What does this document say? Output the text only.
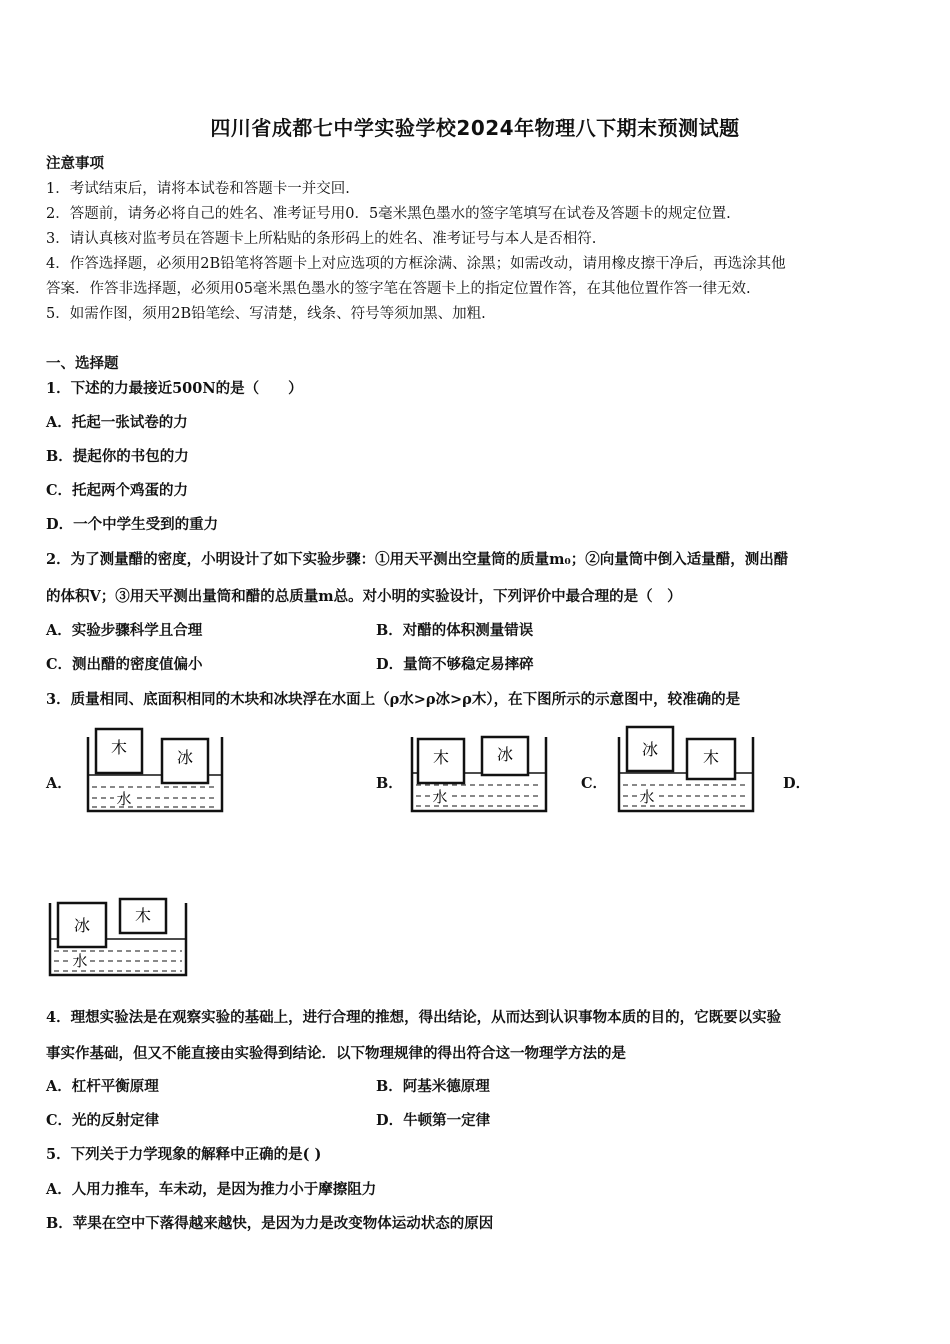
四川省成都七中学实验学校2024年物理八下期末预测试题
注意事项
1．考试结束后，请将本试卷和答题卡一并交回.
2．答题前，请务必将自己的姓名、准考证号用0．5毫米黑色墨水的签字笔填写在试卷及答题卡的规定位置.
3．请认真核对监考员在答题卡上所粘贴的条形码上的姓名、准考证号与本人是否相符.
4．作答选择题，必须用2B铅笔将答题卡上对应选项的方框涂满、涂黑；如需改动，请用橡皮擦干净后，再选涂其他
答案．作答非选择题，必须用05毫米黑色墨水的签字笔在答题卡上的指定位置作答，在其他位置作答一律无效.
5．如需作图，须用2B铅笔绘、写清楚，线条、符号等须加黑、加粗.
一、选择题
1．下述的力最接近500N的是（　　）
A．托起一张试卷的力
B．提起你的书包的力
C．托起两个鸡蛋的力
D．一个中学生受到的重力
2．为了测量醋的密度，小明设计了如下实验步骤：①用天平测出空量筒的质量m₀；②向量筒中倒入适量醋，测出醋
的体积V；③用天平测出量筒和醋的总质量m总。对小明的实验设计，下列评价中最合理的是（　）
A．实验步骤科学且合理	B．对醋的体积测量错误
C．测出醋的密度值偏小	D．量筒不够稳定易摔碎
3．质量相同、底面积相同的木块和冰块浮在水面上（ρ水>ρ冰>ρ木），在下图所示的示意图中，较准确的是
A．	B．	C．	D．
木
冰
水
木	冰
水
冰	木
水
冰
木
水
4．理想实验法是在观察实验的基础上，进行合理的推想，得出结论，从而达到认识事物本质的目的，它既要以实验
事实作基础，但又不能直接由实验得到结论．以下物理规律的得出符合这一物理学方法的是
A．杠杆平衡原理	B．阿基米德原理
C．光的反射定律	D．牛顿第一定律
5．下列关于力学现象的解释中正确的是( )
A．人用力推车，车未动，是因为推力小于摩擦阻力
B．苹果在空中下落得越来越快，是因为力是改变物体运动状态的原因
